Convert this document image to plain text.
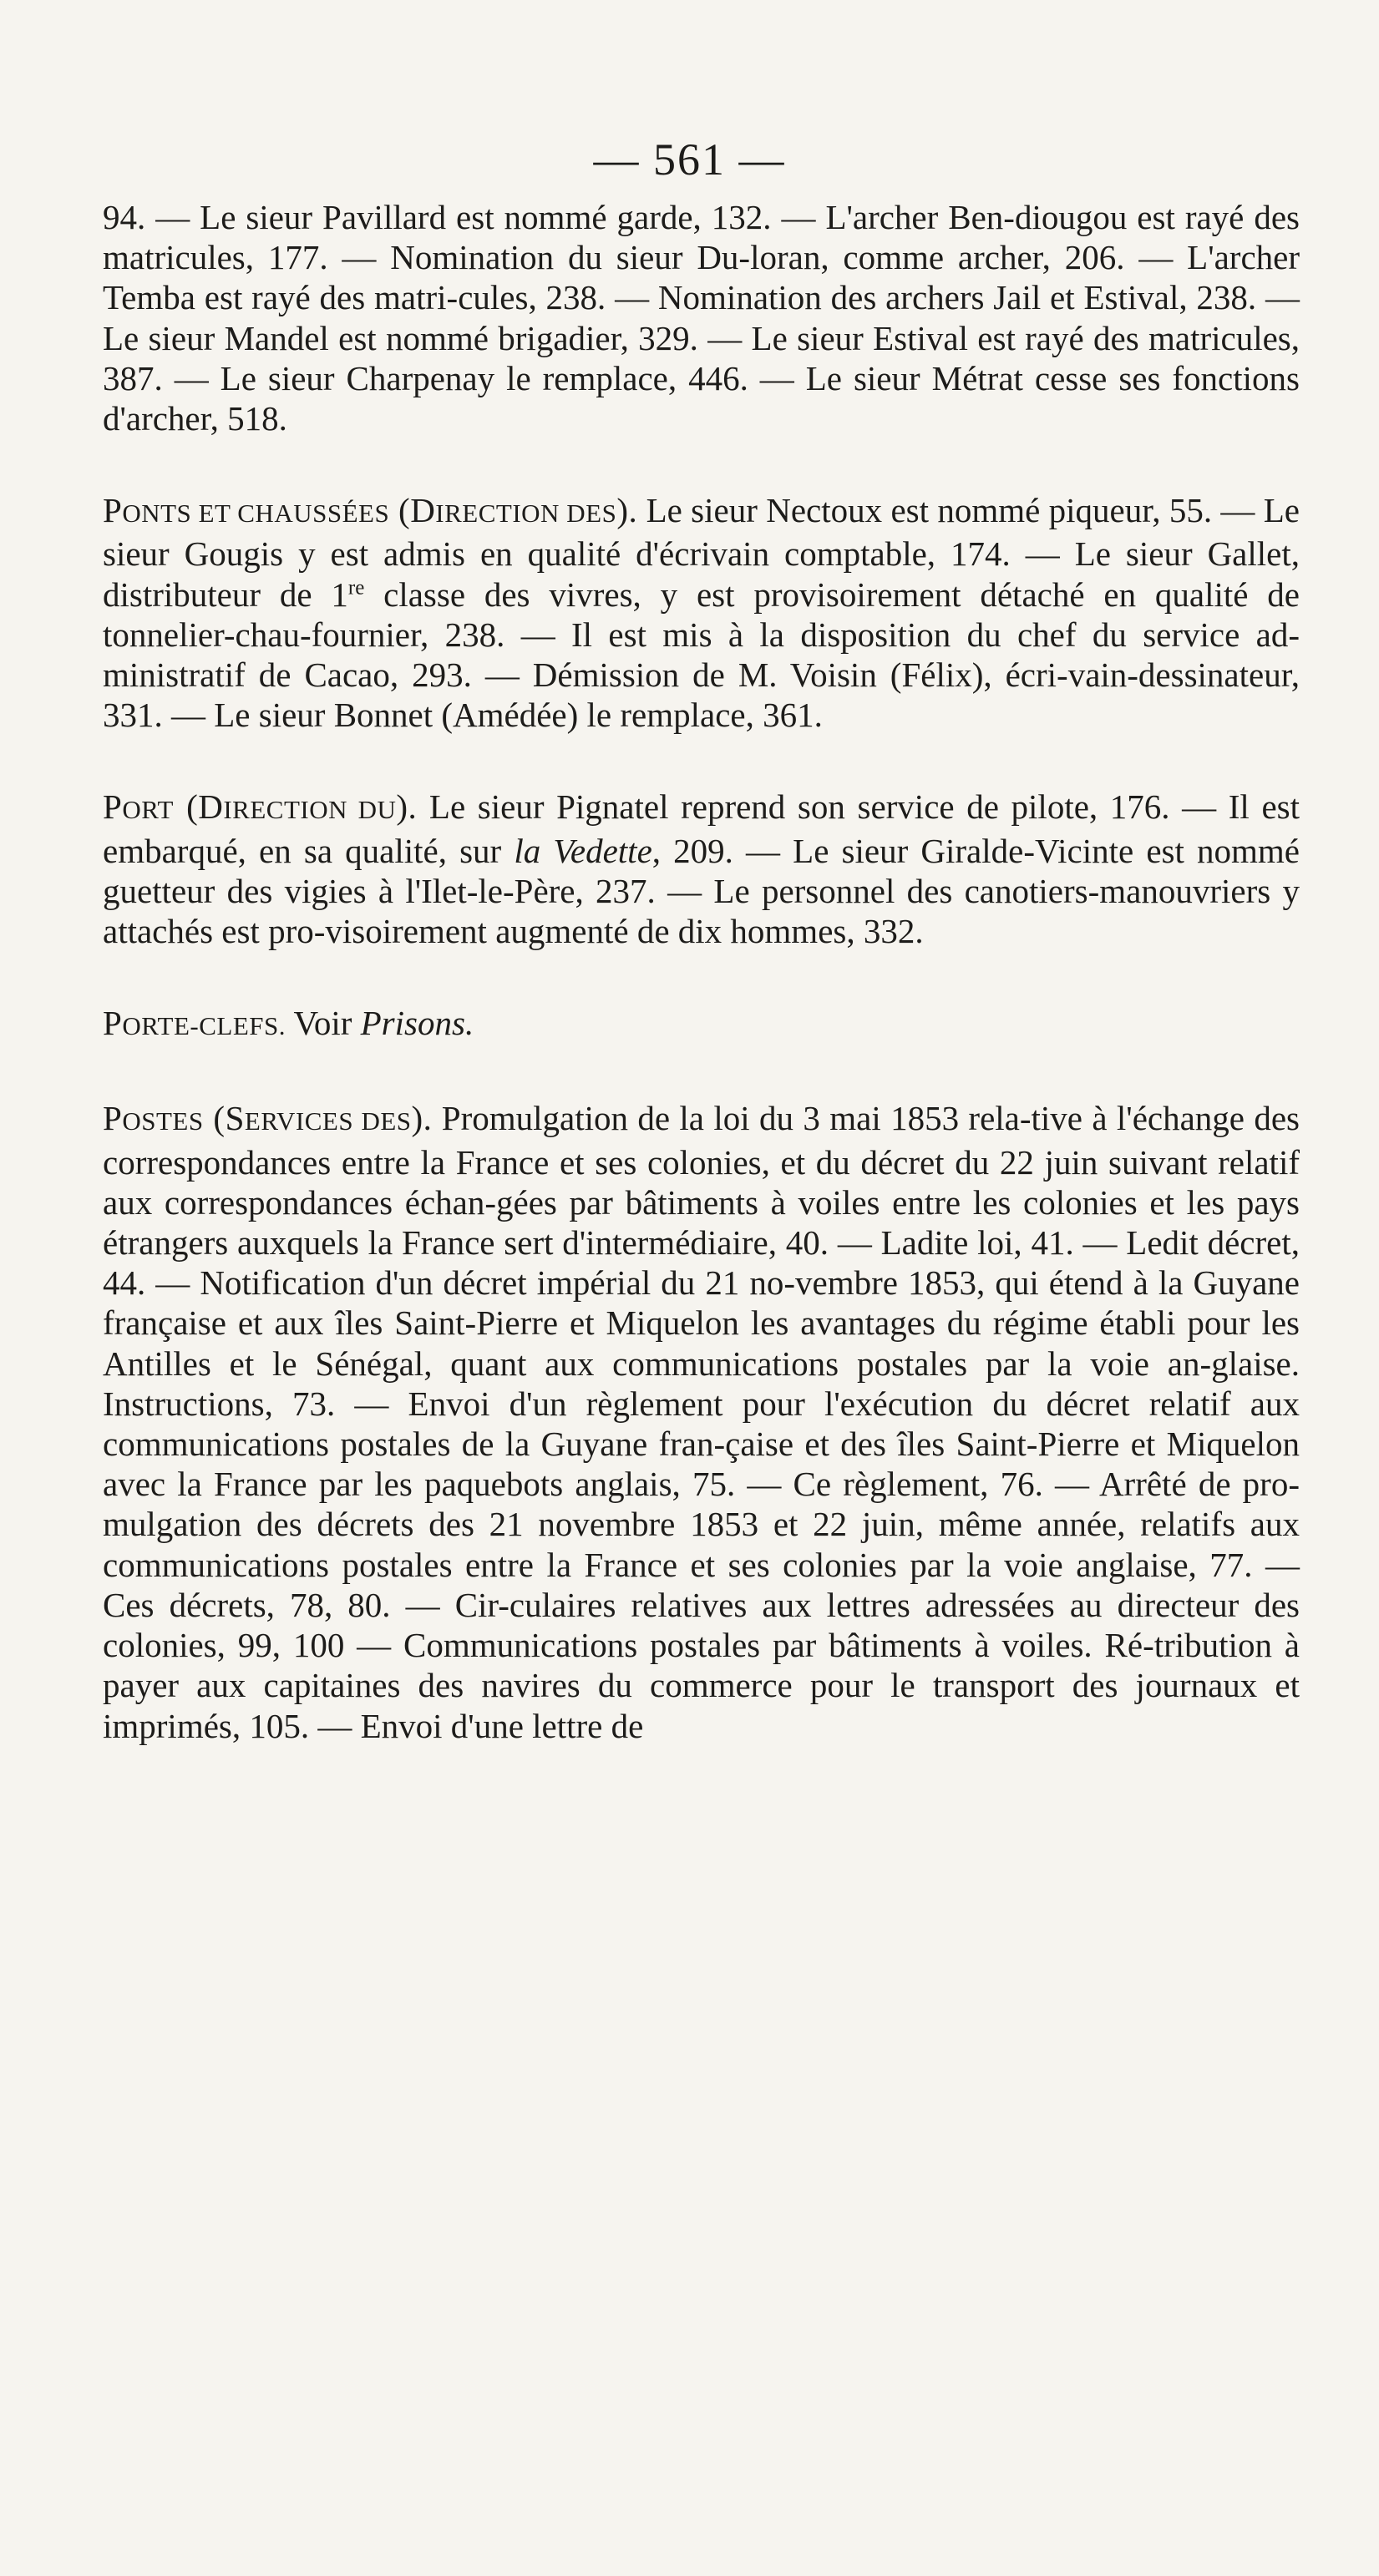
— 561 —

94. — Le sieur Pavillard est nommé garde, 132. — L'archer Ben-diougou est rayé des matricules, 177. — Nomination du sieur Du-loran, comme archer, 206. — L'archer Temba est rayé des matri-cules, 238. — Nomination des archers Jail et Estival, 238. — Le sieur Mandel est nommé brigadier, 329. — Le sieur Estival est rayé des matricules, 387. — Le sieur Charpenay le remplace, 446. — Le sieur Métrat cesse ses fonctions d'archer, 518.

PONTS ET CHAUSSÉES (DIRECTION DES). Le sieur Nectoux est nommé piqueur, 55. — Le sieur Gougis y est admis en qualité d'écrivain comptable, 174. — Le sieur Gallet, distributeur de 1re classe des vivres, y est provisoirement détaché en qualité de tonnelier-chau-fournier, 238. — Il est mis à la disposition du chef du service ad-ministratif de Cacao, 293. — Démission de M. Voisin (Félix), écri-vain-dessinateur, 331. — Le sieur Bonnet (Amédée) le remplace, 361.

PORT (DIRECTION DU). Le sieur Pignatel reprend son service de pilote, 176. — Il est embarqué, en sa qualité, sur la Vedette, 209. — Le sieur Giralde-Vicinte est nommé guetteur des vigies à l'Ilet-le-Père, 237. — Le personnel des canotiers-manouvriers y attachés est pro-visoirement augmenté de dix hommes, 332.

PORTE-CLEFS. Voir Prisons.

POSTES (SERVICES DES). Promulgation de la loi du 3 mai 1853 rela-tive à l'échange des correspondances entre la France et ses colonies, et du décret du 22 juin suivant relatif aux correspondances échan-gées par bâtiments à voiles entre les colonies et les pays étrangers auxquels la France sert d'intermédiaire, 40. — Ladite loi, 41. — Ledit décret, 44. — Notification d'un décret impérial du 21 no-vembre 1853, qui étend à la Guyane française et aux îles Saint-Pierre et Miquelon les avantages du régime établi pour les Antilles et le Sénégal, quant aux communications postales par la voie an-glaise. Instructions, 73. — Envoi d'un règlement pour l'exécution du décret relatif aux communications postales de la Guyane fran-çaise et des îles Saint-Pierre et Miquelon avec la France par les paquebots anglais, 75. — Ce règlement, 76. — Arrêté de pro-mulgation des décrets des 21 novembre 1853 et 22 juin, même année, relatifs aux communications postales entre la France et ses colonies par la voie anglaise, 77. — Ces décrets, 78, 80. — Cir-culaires relatives aux lettres adressées au directeur des colonies, 99, 100 — Communications postales par bâtiments à voiles. Ré-tribution à payer aux capitaines des navires du commerce pour le transport des journaux et imprimés, 105. — Envoi d'une lettre de
